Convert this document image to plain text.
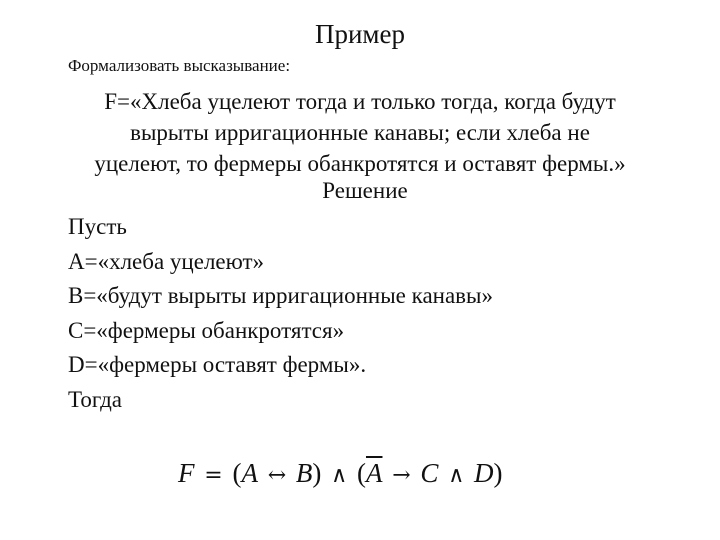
Пример
Формализовать высказывание:
F=«Хлеба уцелеют тогда и только тогда, когда будут
вырыты ирригационные канавы; если хлеба не
уцелеют, то фермеры обанкротятся и оставят фермы.»
Решение
Пусть
A=«хлеба уцелеют»
B=«будут вырыты ирригационные канавы»
C=«фермеры обанкротятся»
D=«фермеры оставят фермы».
Тогда
F = (A ↔ B) ∧ ($\overline{A} \to C$ ∧ D)
